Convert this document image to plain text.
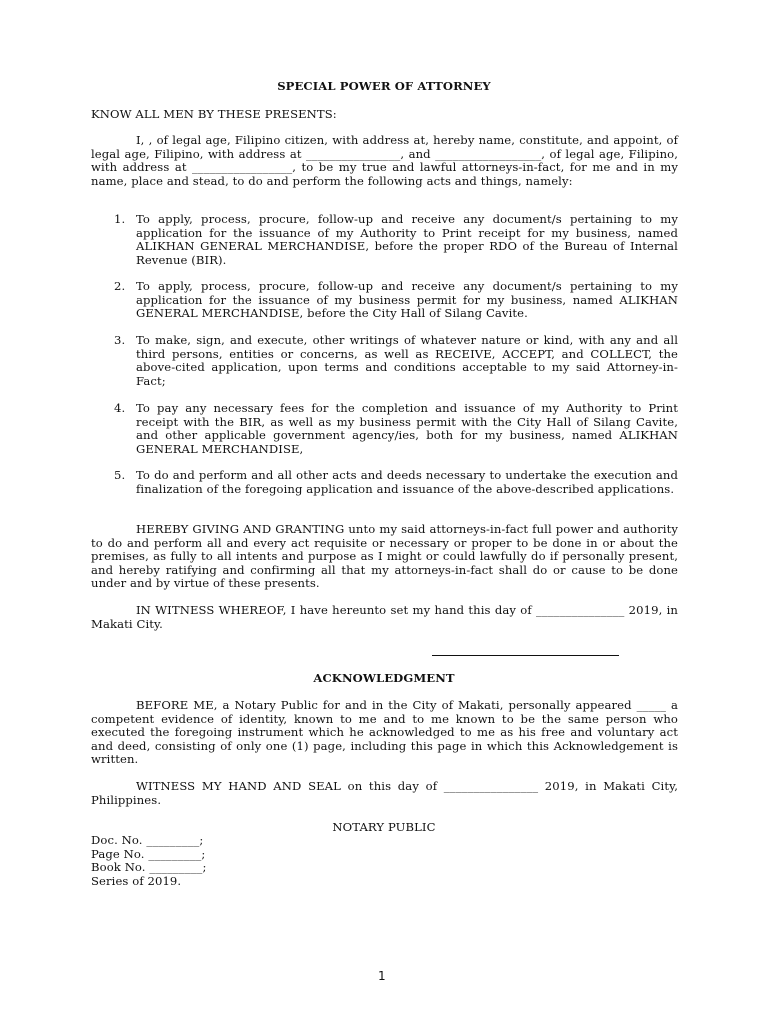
SPECIAL POWER OF ATTORNEY

KNOW ALL MEN BY THESE PRESENTS:

I, , of legal age, Filipino citizen, with address at, hereby name, constitute, and appoint, of legal age, Filipino, with address at ________________, and __________________, of legal age, Filipino, with address at _________________, to be my true and lawful attorneys-in-fact, for me and in my name, place and stead, to do and perform the following acts and things, namely:

1. To apply, process, procure, follow-up and receive any document/s pertaining to my application for the issuance of my Authority to Print receipt for my business, named ALIKHAN GENERAL MERCHANDISE, before the proper RDO of the Bureau of Internal Revenue (BIR).
2. To apply, process, procure, follow-up and receive any document/s pertaining to my application for the issuance of my business permit for my business, named ALIKHAN GENERAL MERCHANDISE, before the City Hall of Silang Cavite.
3. To make, sign, and execute, other writings of whatever nature or kind, with any and all third persons, entities or concerns, as well as RECEIVE, ACCEPT, and COLLECT, the above-cited application, upon terms and conditions acceptable to my said Attorney-in-Fact;
4. To pay any necessary fees for the completion and issuance of my Authority to Print receipt with the BIR, as well as my business permit with the City Hall of Silang Cavite, and other applicable government agency/ies, both for my business, named ALIKHAN GENERAL MERCHANDISE,
5. To do and perform and all other acts and deeds necessary to undertake the execution and finalization of the foregoing application and issuance of the above-described applications.

HEREBY GIVING AND GRANTING unto my said attorneys-in-fact full power and authority to do and perform all and every act requisite or necessary or proper to be done in or about the premises, as fully to all intents and purpose as I might or could lawfully do if personally present, and hereby ratifying and confirming all that my attorneys-in-fact shall do or cause to be done under and by virtue of these presents.

IN WITNESS WHEREOF, I have hereunto set my hand this day of _______________ 2019, in Makati City.

ACKNOWLEDGMENT

BEFORE ME, a Notary Public for and in the City of Makati, personally appeared _____ a competent evidence of identity, known to me and to me known to be the same person who executed the foregoing instrument which he acknowledged to me as his free and voluntary act and deed, consisting of only one (1) page, including this page in which this Acknowledgement is written.

WITNESS MY HAND AND SEAL on this day of ________________ 2019, in Makati City, Philippines.

NOTARY PUBLIC

Doc. No. _________;
Page No. _________;
Book No. _________;
Series of 2019.
1
